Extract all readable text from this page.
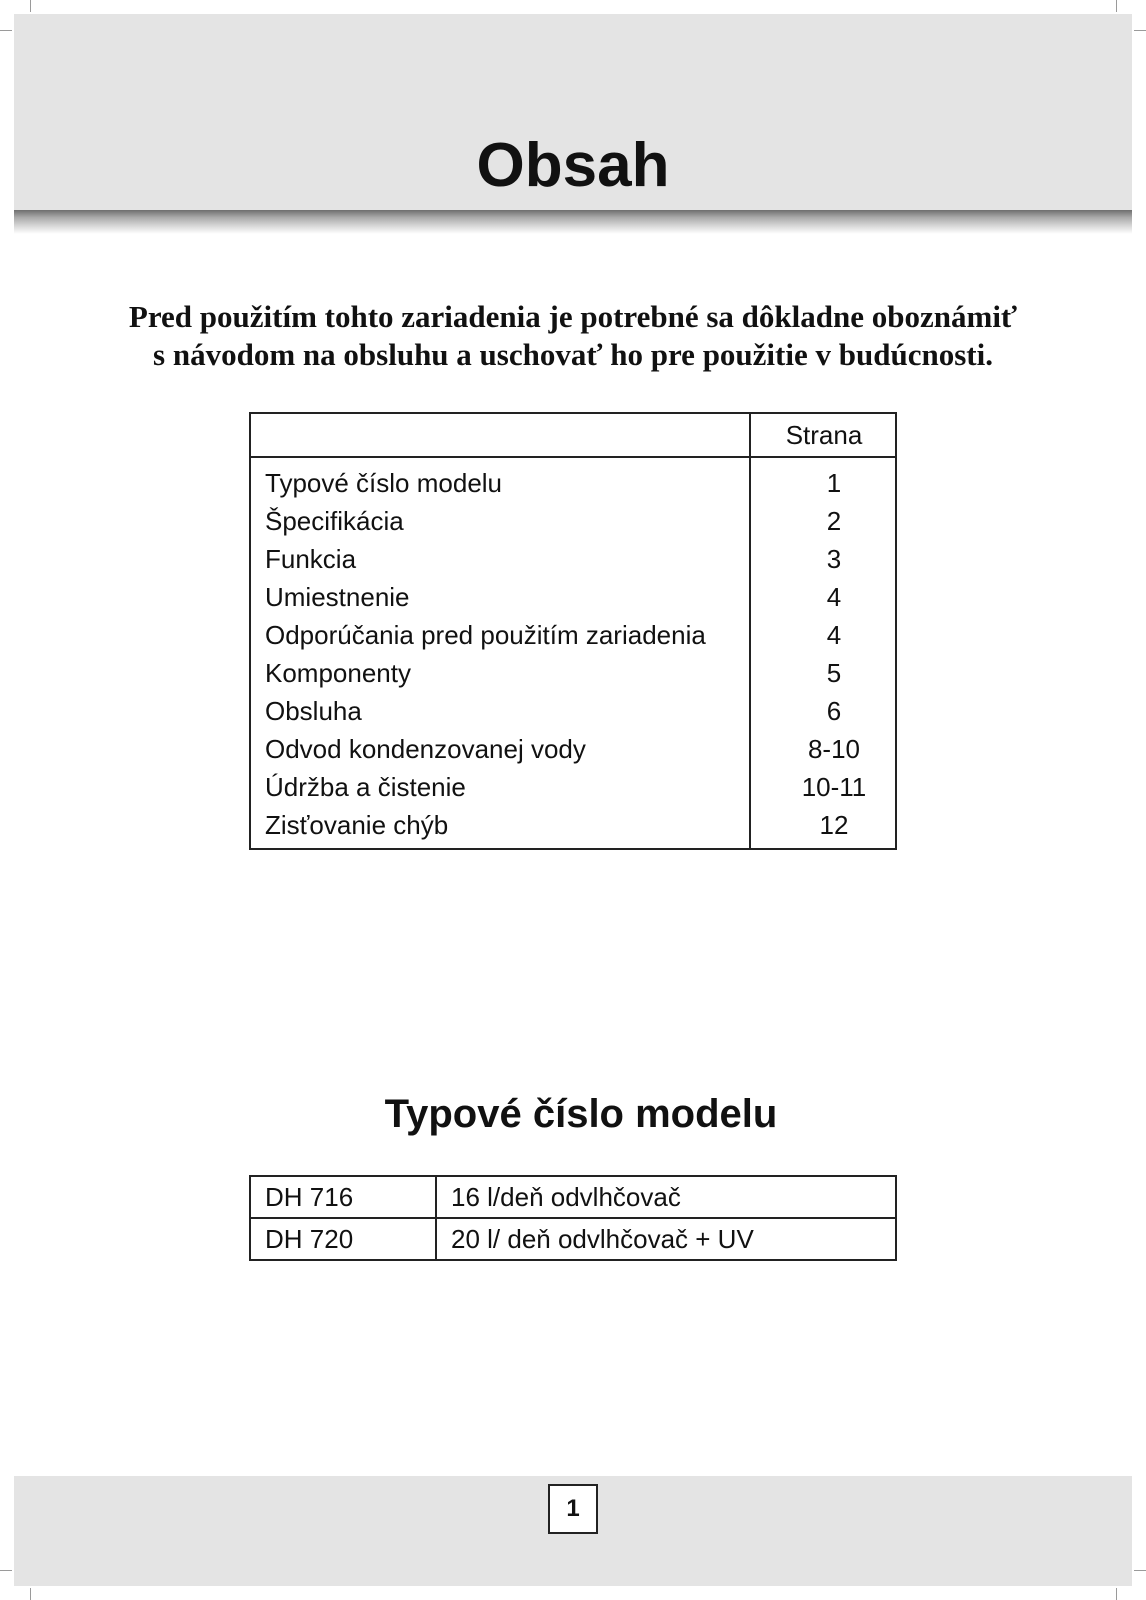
Obsah
Pred použitím tohto zariadenia je potrebné sa dôkladne oboznámiť
s návodom na obsluhu a uschovať ho pre použitie v budúcnosti.
	Strana
Typové číslo modelu	1
Špecifikácia	2
Funkcia	3
Umiestnenie	4
Odporúčania pred použitím zariadenia	4
Komponenty	5
Obsluha	6
Odvod kondenzovanej vody	8-10
Údržba a čistenie	10-11
Zisťovanie chýb	12
Typové číslo modelu
DH 716	16 l/deň odvlhčovač
DH 720	20 l/ deň odvlhčovač + UV
1
